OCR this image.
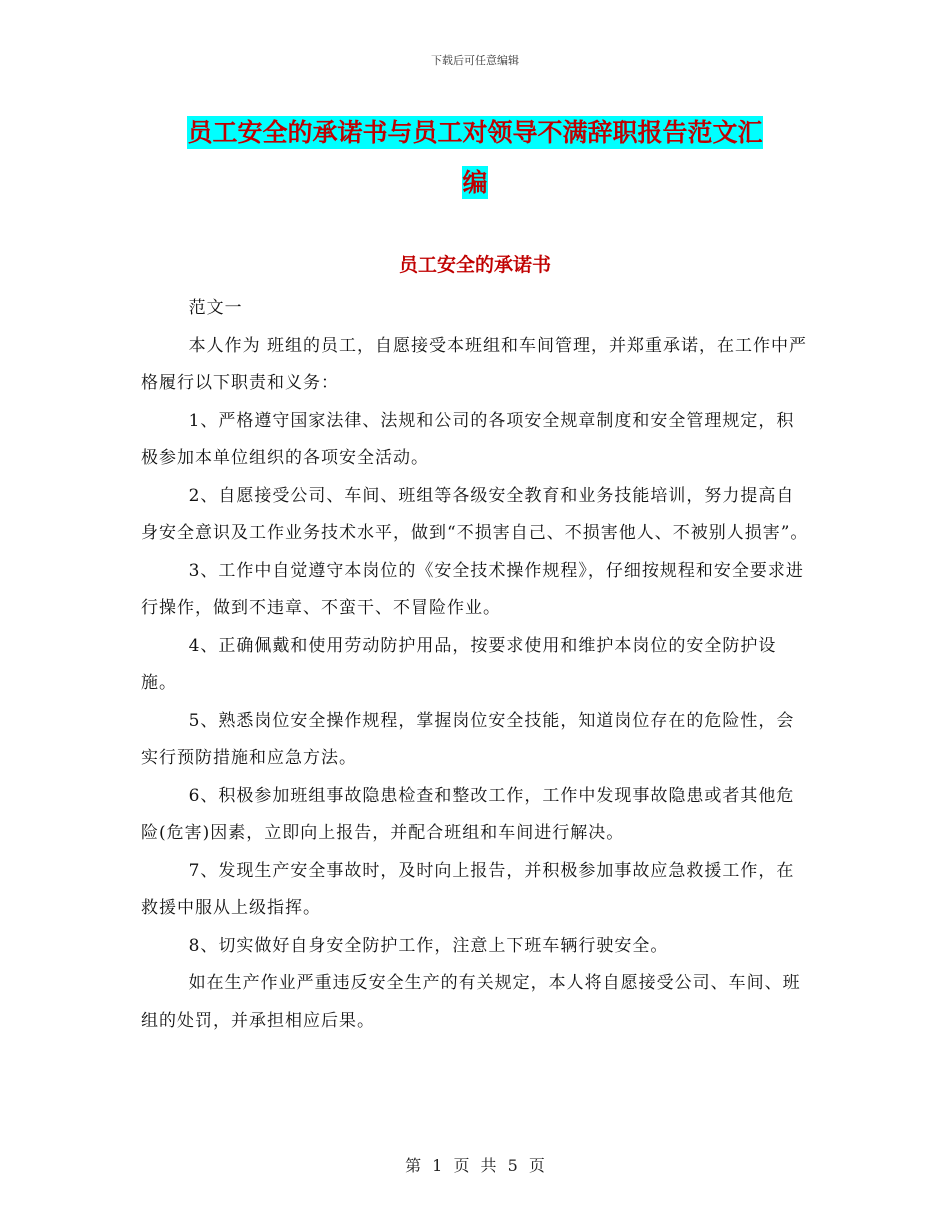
下载后可任意编辑
员工安全的承诺书与员工对领导不满辞职报告范文汇
编
员工安全的承诺书

范文一

本人作为 班组的员工，自愿接受本班组和车间管理，并郑重承诺，在工作中严格履行以下职责和义务：

1、严格遵守国家法律、法规和公司的各项安全规章制度和安全管理规定，积极参加本单位组织的各项安全活动。

2、自愿接受公司、车间、班组等各级安全教育和业务技能培训，努力提高自身安全意识及工作业务技术水平，做到“不损害自己、不损害他人、不被别人损害”。

3、工作中自觉遵守本岗位的《安全技术操作规程》，仔细按规程和安全要求进行操作，做到不违章、不蛮干、不冒险作业。

4、正确佩戴和使用劳动防护用品，按要求使用和维护本岗位的安全防护设施。

5、熟悉岗位安全操作规程，掌握岗位安全技能，知道岗位存在的危险性，会实行预防措施和应急方法。

6、积极参加班组事故隐患检查和整改工作，工作中发现事故隐患或者其他危险(危害)因素，立即向上报告，并配合班组和车间进行解决。

7、发现生产安全事故时，及时向上报告，并积极参加事故应急救援工作，在救援中服从上级指挥。

8、切实做好自身安全防护工作，注意上下班车辆行驶安全。

如在生产作业严重违反安全生产的有关规定，本人将自愿接受公司、车间、班组的处罚，并承担相应后果。

第 1 页 共 5 页
